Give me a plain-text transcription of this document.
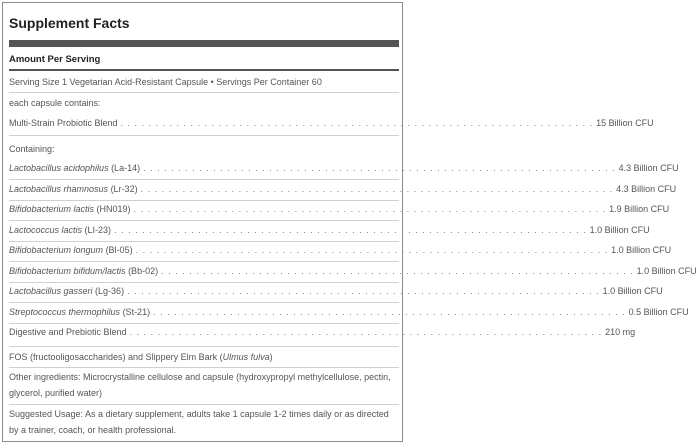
Supplement Facts
Amount Per Serving
Serving Size 1 Vegetarian Acid-Resistant Capsule • Servings Per Container 60
each capsule contains:
Multi-Strain Probiotic Blend . . . . . . . . . . . . . . . . . . . . . . . . . . . . . . . . . . . . . . . . . . . . . . . . . . . . . . . . . . . . . . . . . . . . 15 Billion CFU
Containing:
Lactobacillus acidophilus (La-14) . . . . . . . . . . . . . . . . . . . . . . . . . . . . . . . . . . . . . . . . . . . . . . . . . . . . . . . . . . . . . . . . . . . . 4.3 Billion CFU
Lactobacillus rhamnosus (Lr-32) . . . . . . . . . . . . . . . . . . . . . . . . . . . . . . . . . . . . . . . . . . . . . . . . . . . . . . . . . . . . . . . . . . . . 4.3 Billion CFU
Bifidobacterium lactis (HN019) . . . . . . . . . . . . . . . . . . . . . . . . . . . . . . . . . . . . . . . . . . . . . . . . . . . . . . . . . . . . . . . . . . . . 1.9 Billion CFU
Lactococcus lactis (LI-23) . . . . . . . . . . . . . . . . . . . . . . . . . . . . . . . . . . . . . . . . . . . . . . . . . . . . . . . . . . . . . . . . . . . . 1.0 Billion CFU
Bifidobacterium longum (Bl-05) . . . . . . . . . . . . . . . . . . . . . . . . . . . . . . . . . . . . . . . . . . . . . . . . . . . . . . . . . . . . . . . . . . . . 1.0 Billion CFU
Bifidobacterium bifidum/lactis (Bb-02) . . . . . . . . . . . . . . . . . . . . . . . . . . . . . . . . . . . . . . . . . . . . . . . . . . . . . . . . . . . . . . . . . . . . 1.0 Billion CFU
Lactobacillus gasseri (Lg-36) . . . . . . . . . . . . . . . . . . . . . . . . . . . . . . . . . . . . . . . . . . . . . . . . . . . . . . . . . . . . . . . . . . . . 1.0 Billion CFU
Streptococcus thermophilus (St-21) . . . . . . . . . . . . . . . . . . . . . . . . . . . . . . . . . . . . . . . . . . . . . . . . . . . . . . . . . . . . . . . . . . . . 0.5 Billion CFU
Digestive and Prebiotic Blend . . . . . . . . . . . . . . . . . . . . . . . . . . . . . . . . . . . . . . . . . . . . . . . . . . . . . . . . . . . . . . . . . . . . 210 mg
FOS (fructooligosaccharides) and Slippery Elm Bark (Ulmus fulva)
Other ingredients: Microcrystalline cellulose and capsule (hydroxypropyl methylcellulose, pectin, glycerol, purified water)
Suggested Usage: As a dietary supplement, adults take 1 capsule 1-2 times daily or as directed by a trainer, coach, or health professional.
